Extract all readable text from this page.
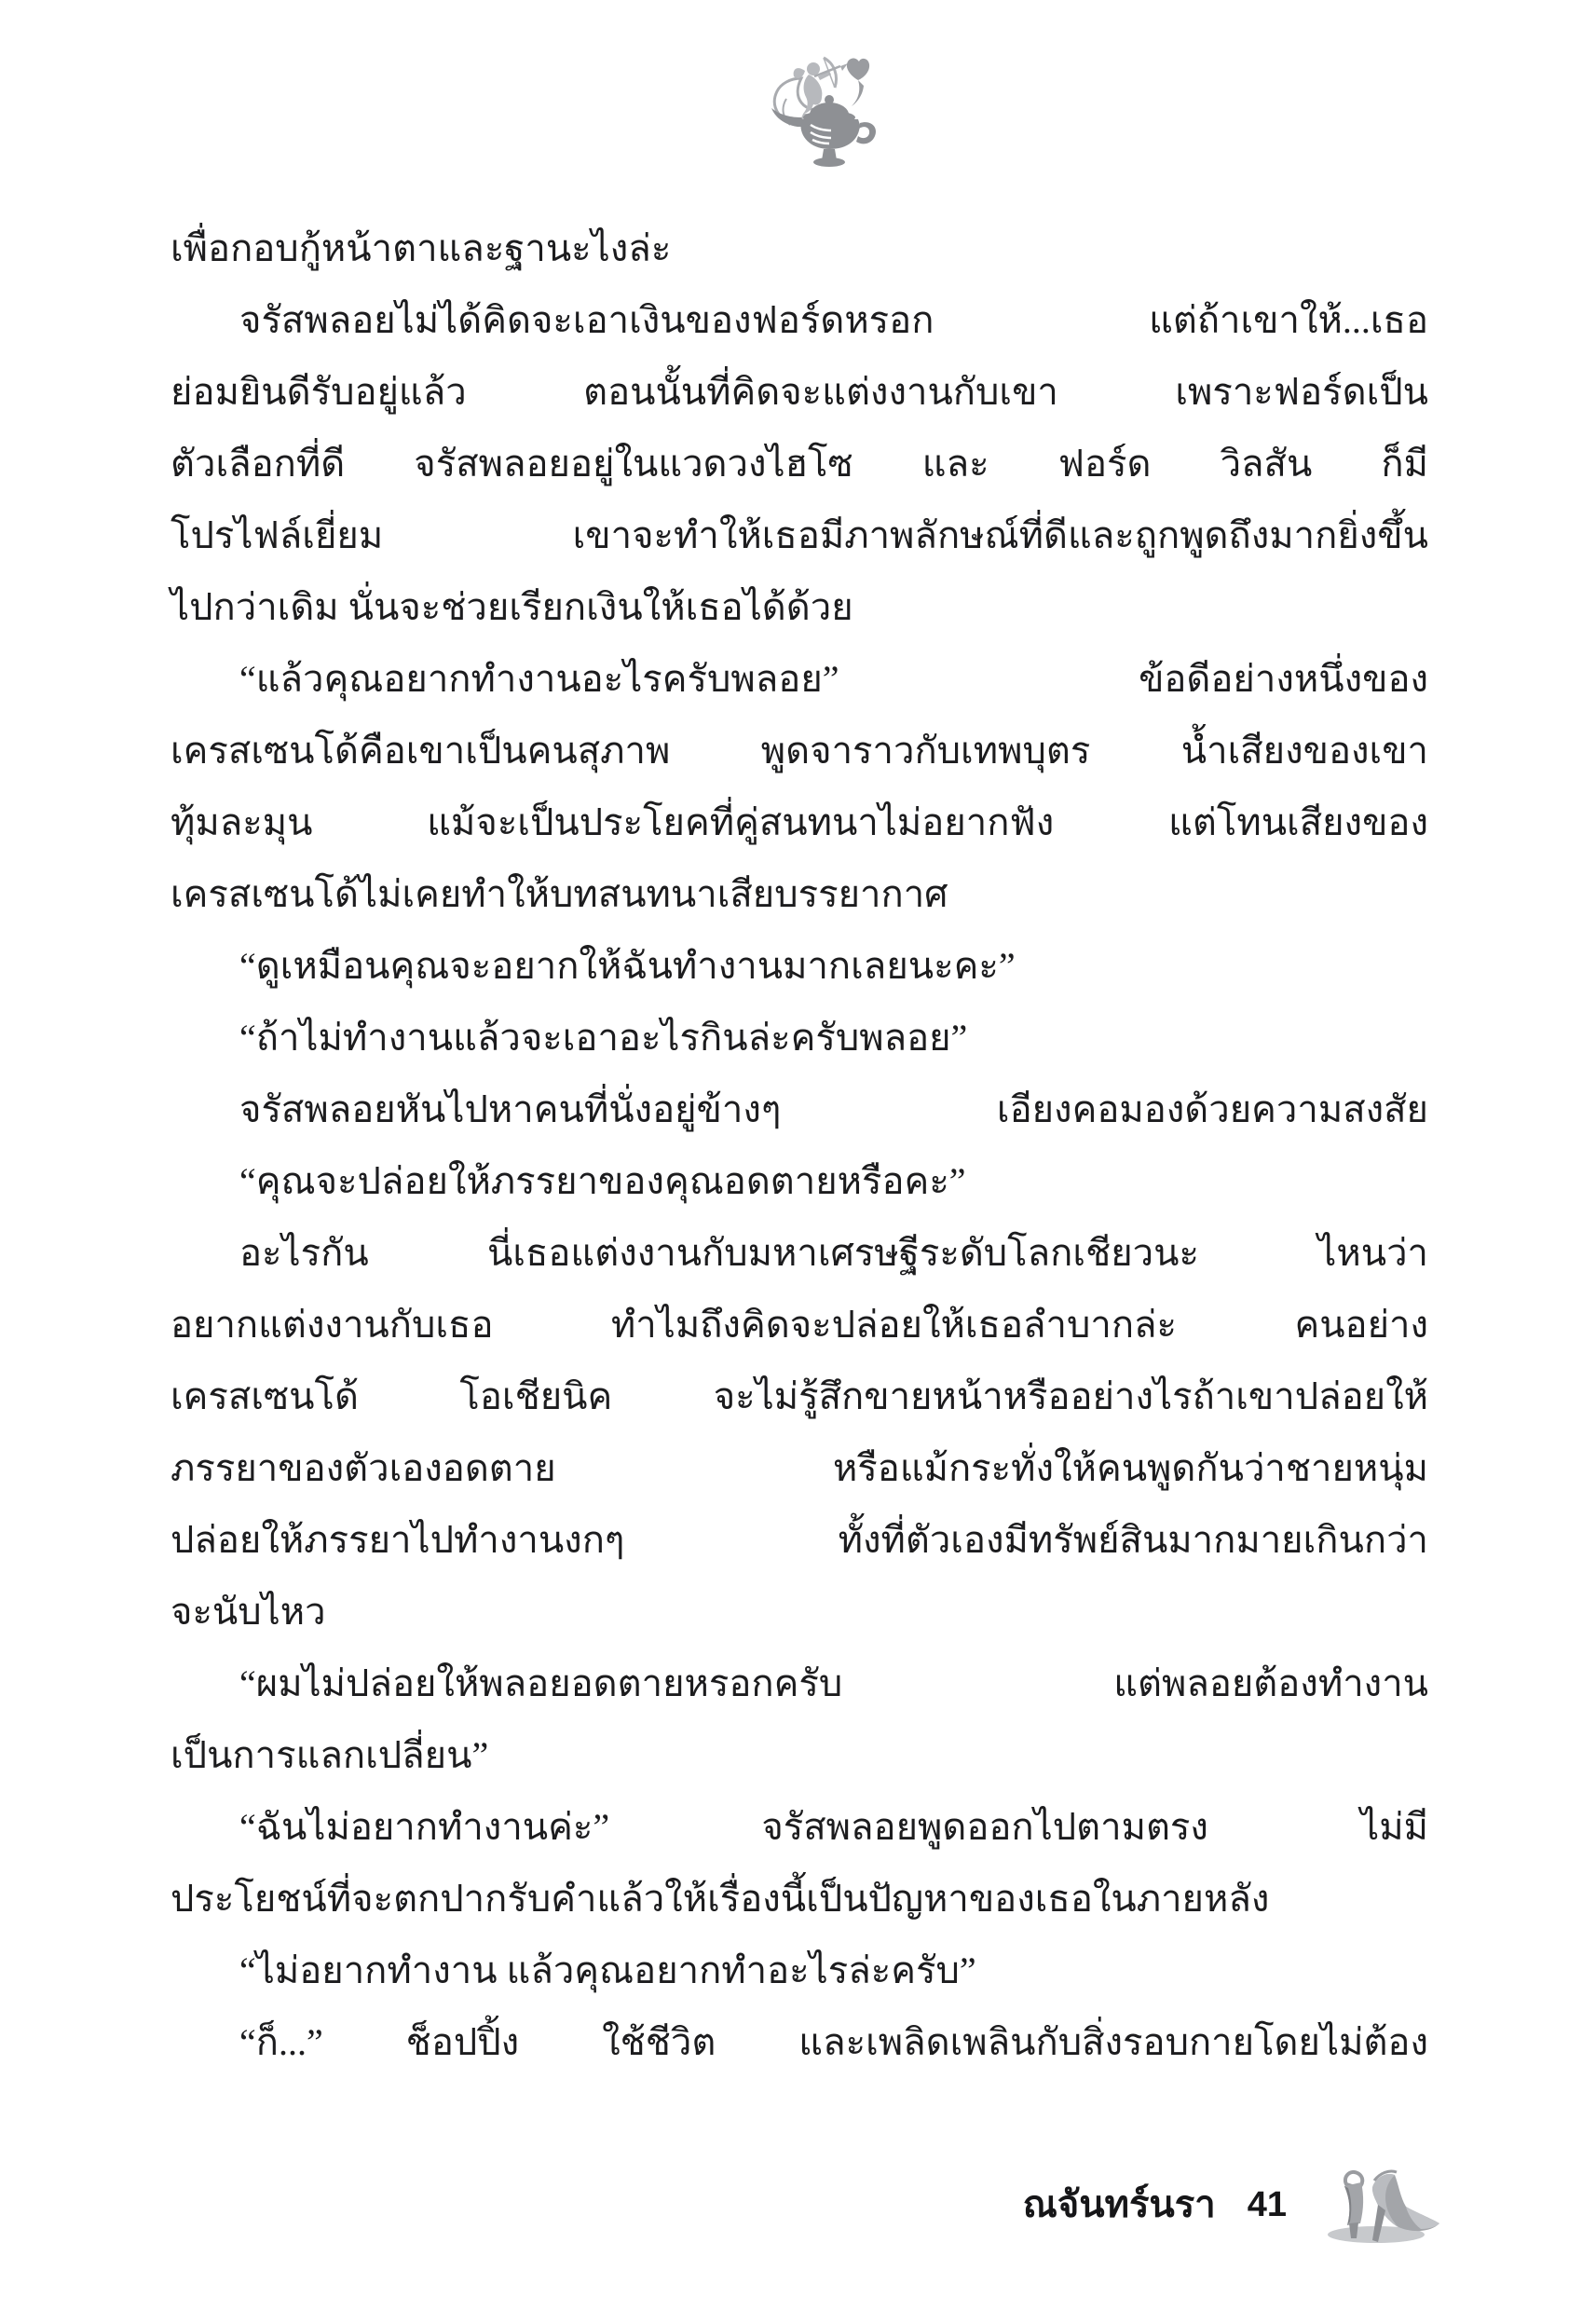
เพื่อกอบกู้หน้าตาและฐานะไงล่ะ
จรัสพลอยไม่ได้คิดจะเอาเงินของฟอร์ดหรอก แต่ถ้าเขาให้...เธอ
ย่อมยินดีรับอยู่แล้ว ตอนนั้นที่คิดจะแต่งงานกับเขา เพราะฟอร์ดเป็น
ตัวเลือกที่ดี จรัสพลอยอยู่ในแวดวงไฮโซ และ ฟอร์ด วิลสัน ก็มี
โปรไฟล์เยี่ยม เขาจะทำให้เธอมีภาพลักษณ์ที่ดีและถูกพูดถึงมากยิ่งขึ้น
ไปกว่าเดิม นั่นจะช่วยเรียกเงินให้เธอได้ด้วย
“แล้วคุณอยากทำงานอะไรครับพลอย” ข้อดีอย่างหนึ่งของ
เครสเซนโด้คือเขาเป็นคนสุภาพ พูดจาราวกับเทพบุตร น้ำเสียงของเขา
ทุ้มละมุน แม้จะเป็นประโยคที่คู่สนทนาไม่อยากฟัง แต่โทนเสียงของ
เครสเซนโด้ไม่เคยทำให้บทสนทนาเสียบรรยากาศ
“ดูเหมือนคุณจะอยากให้ฉันทำงานมากเลยนะคะ”
“ถ้าไม่ทำงานแล้วจะเอาอะไรกินล่ะครับพลอย”
จรัสพลอยหันไปหาคนที่นั่งอยู่ข้างๆ เอียงคอมองด้วยความสงสัย
“คุณจะปล่อยให้ภรรยาของคุณอดตายหรือคะ”
อะไรกัน นี่เธอแต่งงานกับมหาเศรษฐีระดับโลกเชียวนะ ไหนว่า
อยากแต่งงานกับเธอ ทำไมถึงคิดจะปล่อยให้เธอลำบากล่ะ คนอย่าง
เครสเซนโด้ โอเชียนิค จะไม่รู้สึกขายหน้าหรืออย่างไรถ้าเขาปล่อยให้
ภรรยาของตัวเองอดตาย หรือแม้กระทั่งให้คนพูดกันว่าชายหนุ่ม
ปล่อยให้ภรรยาไปทำงานงกๆ ทั้งที่ตัวเองมีทรัพย์สินมากมายเกินกว่า
จะนับไหว
“ผมไม่ปล่อยให้พลอยอดตายหรอกครับ แต่พลอยต้องทำงาน
เป็นการแลกเปลี่ยน”
“ฉันไม่อยากทำงานค่ะ” จรัสพลอยพูดออกไปตามตรง ไม่มี
ประโยชน์ที่จะตกปากรับคำแล้วให้เรื่องนี้เป็นปัญหาของเธอในภายหลัง
“ไม่อยากทำงาน แล้วคุณอยากทำอะไรล่ะครับ”
“ก็...” ช็อปปิ้ง ใช้ชีวิต และเพลิดเพลินกับสิ่งรอบกายโดยไม่ต้อง
ณจันทร์นรา 41
